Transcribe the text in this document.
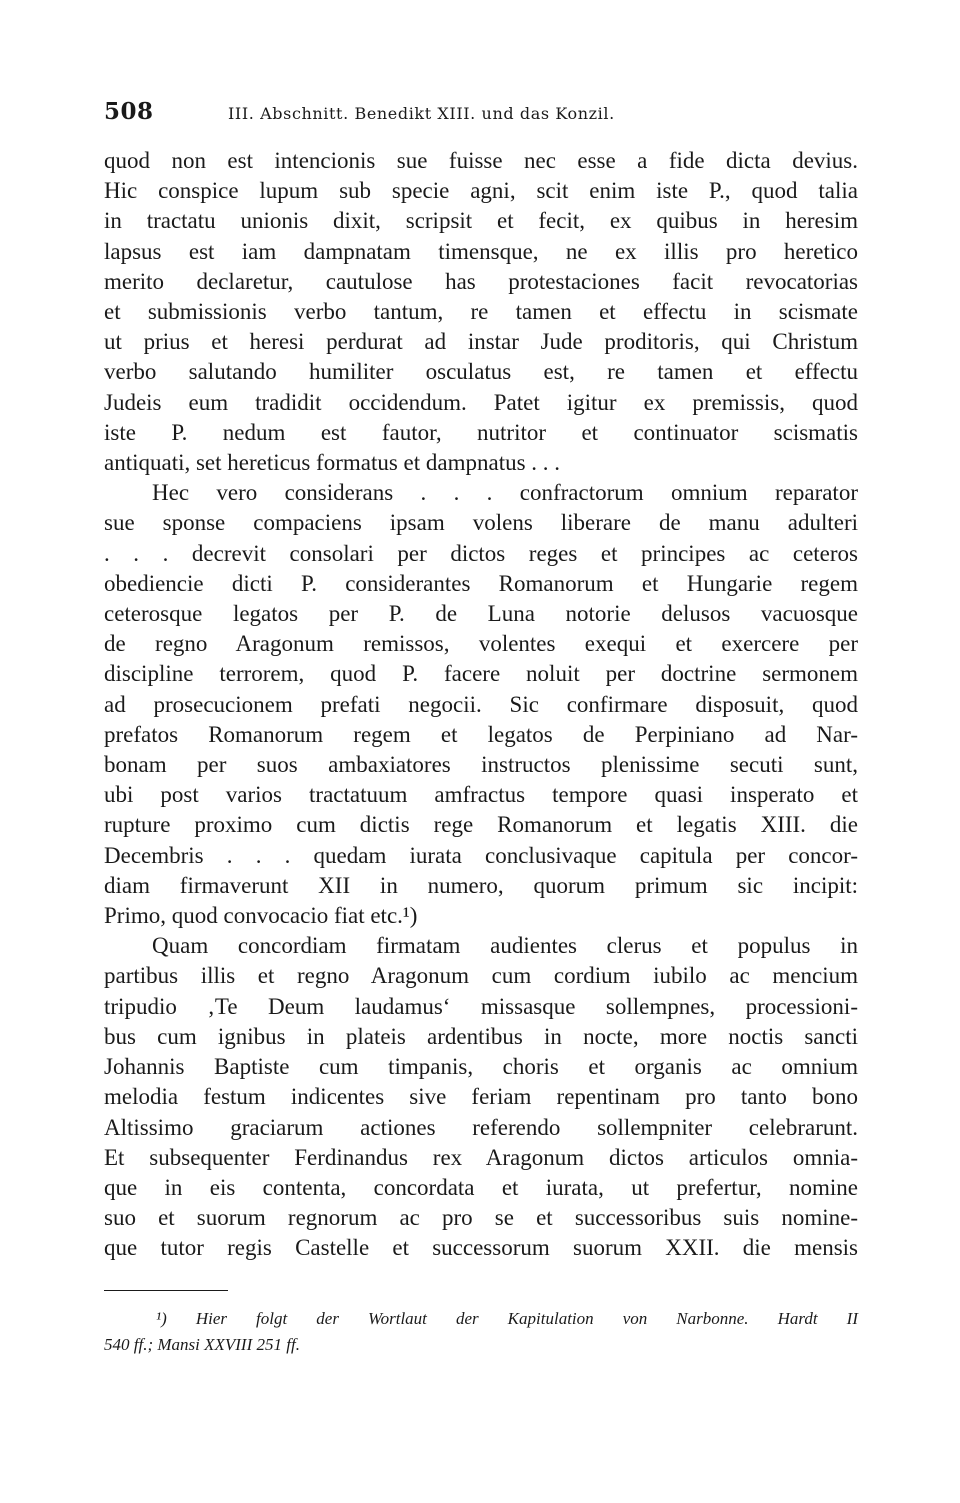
508	III. Abschnitt. Benedikt XIII. und das Konzil.
quod non est intencionis sue fuisse nec esse a fide dicta devius.
Hic conspice lupum sub specie agni, scit enim iste P., quod talia
in tractatu unionis dixit, scripsit et fecit, ex quibus in heresim
lapsus est iam dampnatam timensque, ne ex illis pro heretico
merito declaretur, cautulose has protestaciones facit revocatorias
et submissionis verbo tantum, re tamen et effectu in scismate
ut prius et heresi perdurat ad instar Jude proditoris, qui Christum
verbo salutando humiliter osculatus est, re tamen et effectu
Judeis eum tradidit occidendum. Patet igitur ex premissis, quod
iste P. nedum est fautor, nutritor et continuator scismatis
antiquati, set hereticus formatus et dampnatus . . .
Hec vero considerans . . . confractorum omnium reparator
sue sponse compaciens ipsam volens liberare de manu adulteri
. . . decrevit consolari per dictos reges et principes ac ceteros
obediencie dicti P. considerantes Romanorum et Hungarie regem
ceterosque legatos per P. de Luna notorie delusos vacuosque
de regno Aragonum remissos, volentes exequi et exercere per
discipline terrorem, quod P. facere noluit per doctrine sermonem
ad prosecucionem prefati negocii. Sic confirmare disposuit, quod
prefatos Romanorum regem et legatos de Perpiniano ad Nar-
bonam per suos ambaxiatores instructos plenissime secuti sunt,
ubi post varios tractatuum amfractus tempore quasi insperato et
rupture proximo cum dictis rege Romanorum et legatis XIII. die
Decembris . . . quedam iurata conclusivaque capitula per concor-
diam firmaverunt XII in numero, quorum primum sic incipit:
Primo, quod convocacio fiat etc.¹)
Quam concordiam firmatam audientes clerus et populus in
partibus illis et regno Aragonum cum cordium iubilo ac mencium
tripudio ‚Te Deum laudamus‘ missasque sollempnes, processioni-
bus cum ignibus in plateis ardentibus in nocte, more noctis sancti
Johannis Baptiste cum timpanis, choris et organis ac omnium
melodia festum indicentes sive feriam repentinam pro tanto bono
Altissimo graciarum actiones referendo sollempniter celebrarunt.
Et subsequenter Ferdinandus rex Aragonum dictos articulos omnia-
que in eis contenta, concordata et iurata, ut prefertur, nomine
suo et suorum regnorum ac pro se et successoribus suis nomine-
que tutor regis Castelle et successorum suorum XXII. die mensis
¹) Hier folgt der Wortlaut der Kapitulation von Narbonne. Hardt II
540 ff.; Mansi XXVIII 251 ff.
